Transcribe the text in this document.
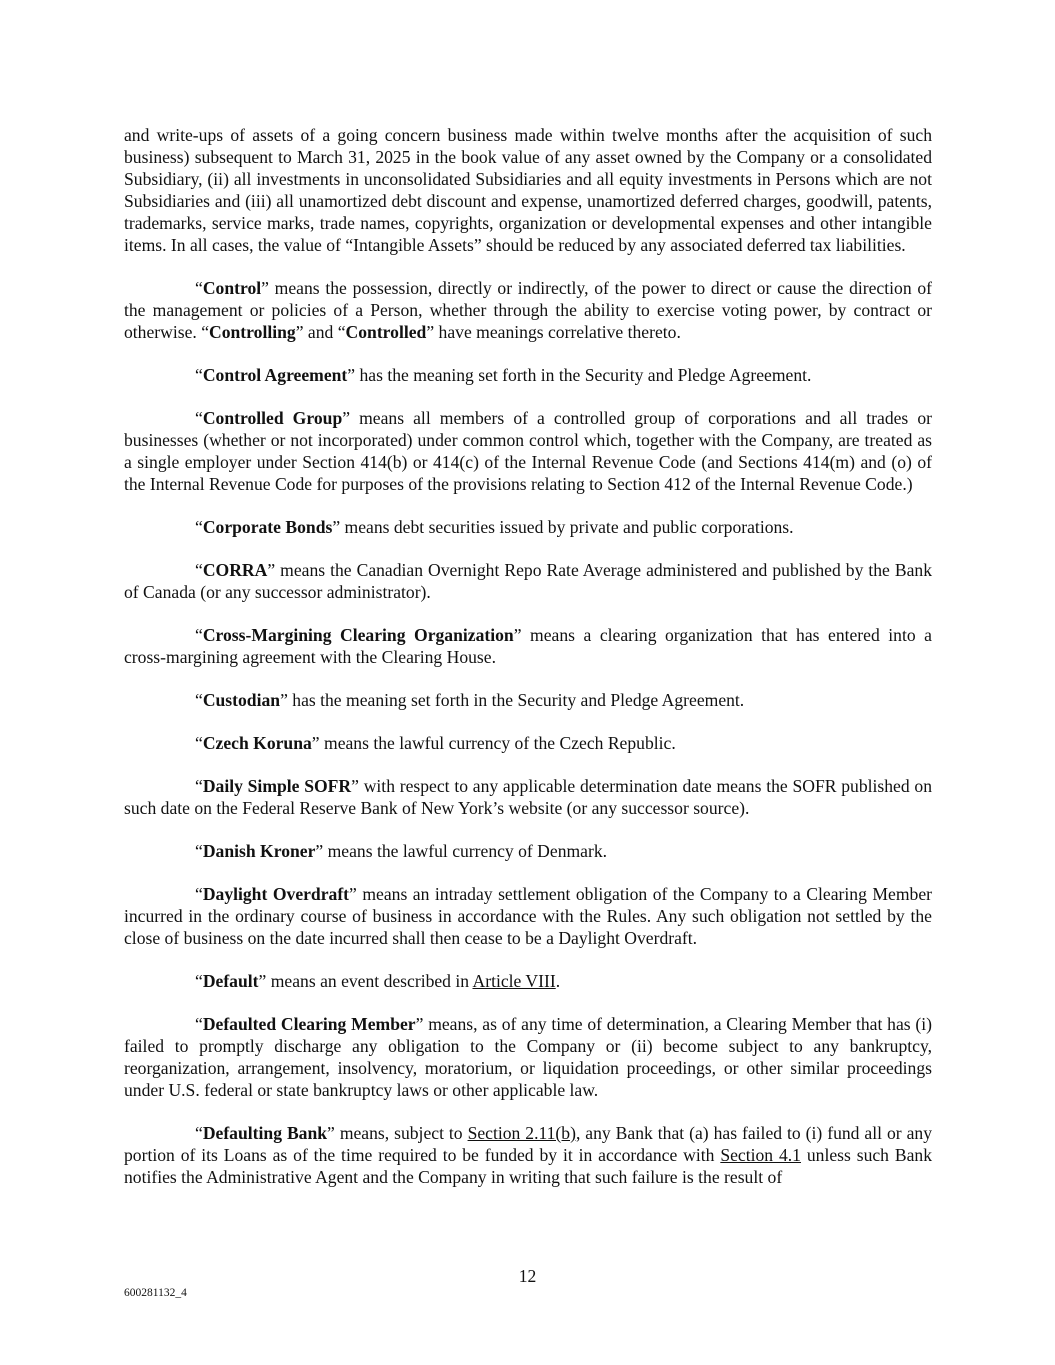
and write-ups of assets of a going concern business made within twelve months after the acquisition of such business) subsequent to March 31, 2025 in the book value of any asset owned by the Company or a consolidated Subsidiary, (ii) all investments in unconsolidated Subsidiaries and all equity investments in Persons which are not Subsidiaries and (iii) all unamortized debt discount and expense, unamortized deferred charges, goodwill, patents, trademarks, service marks, trade names, copyrights, organization or developmental expenses and other intangible items. In all cases, the value of “Intangible Assets” should be reduced by any associated deferred tax liabilities.

“Control” means the possession, directly or indirectly, of the power to direct or cause the direction of the management or policies of a Person, whether through the ability to exercise voting power, by contract or otherwise. “Controlling” and “Controlled” have meanings correlative thereto.

“Control Agreement” has the meaning set forth in the Security and Pledge Agreement.

“Controlled Group” means all members of a controlled group of corporations and all trades or businesses (whether or not incorporated) under common control which, together with the Company, are treated as a single employer under Section 414(b) or 414(c) of the Internal Revenue Code (and Sections 414(m) and (o) of the Internal Revenue Code for purposes of the provisions relating to Section 412 of the Internal Revenue Code.)

“Corporate Bonds” means debt securities issued by private and public corporations.

“CORRA” means the Canadian Overnight Repo Rate Average administered and published by the Bank of Canada (or any successor administrator).

“Cross-Margining Clearing Organization” means a clearing organization that has entered into a cross-margining agreement with the Clearing House.

“Custodian” has the meaning set forth in the Security and Pledge Agreement.

“Czech Koruna” means the lawful currency of the Czech Republic.

“Daily Simple SOFR” with respect to any applicable determination date means the SOFR published on such date on the Federal Reserve Bank of New York’s website (or any successor source).

“Danish Kroner” means the lawful currency of Denmark.

“Daylight Overdraft” means an intraday settlement obligation of the Company to a Clearing Member incurred in the ordinary course of business in accordance with the Rules. Any such obligation not settled by the close of business on the date incurred shall then cease to be a Daylight Overdraft.

“Default” means an event described in Article VIII.

“Defaulted Clearing Member” means, as of any time of determination, a Clearing Member that has (i) failed to promptly discharge any obligation to the Company or (ii) become subject to any bankruptcy, reorganization, arrangement, insolvency, moratorium, or liquidation proceedings, or other similar proceedings under U.S. federal or state bankruptcy laws or other applicable law.

“Defaulting Bank” means, subject to Section 2.11(b), any Bank that (a) has failed to (i) fund all or any portion of its Loans as of the time required to be funded by it in accordance with Section 4.1 unless such Bank notifies the Administrative Agent and the Company in writing that such failure is the result of

12
600281132_4
